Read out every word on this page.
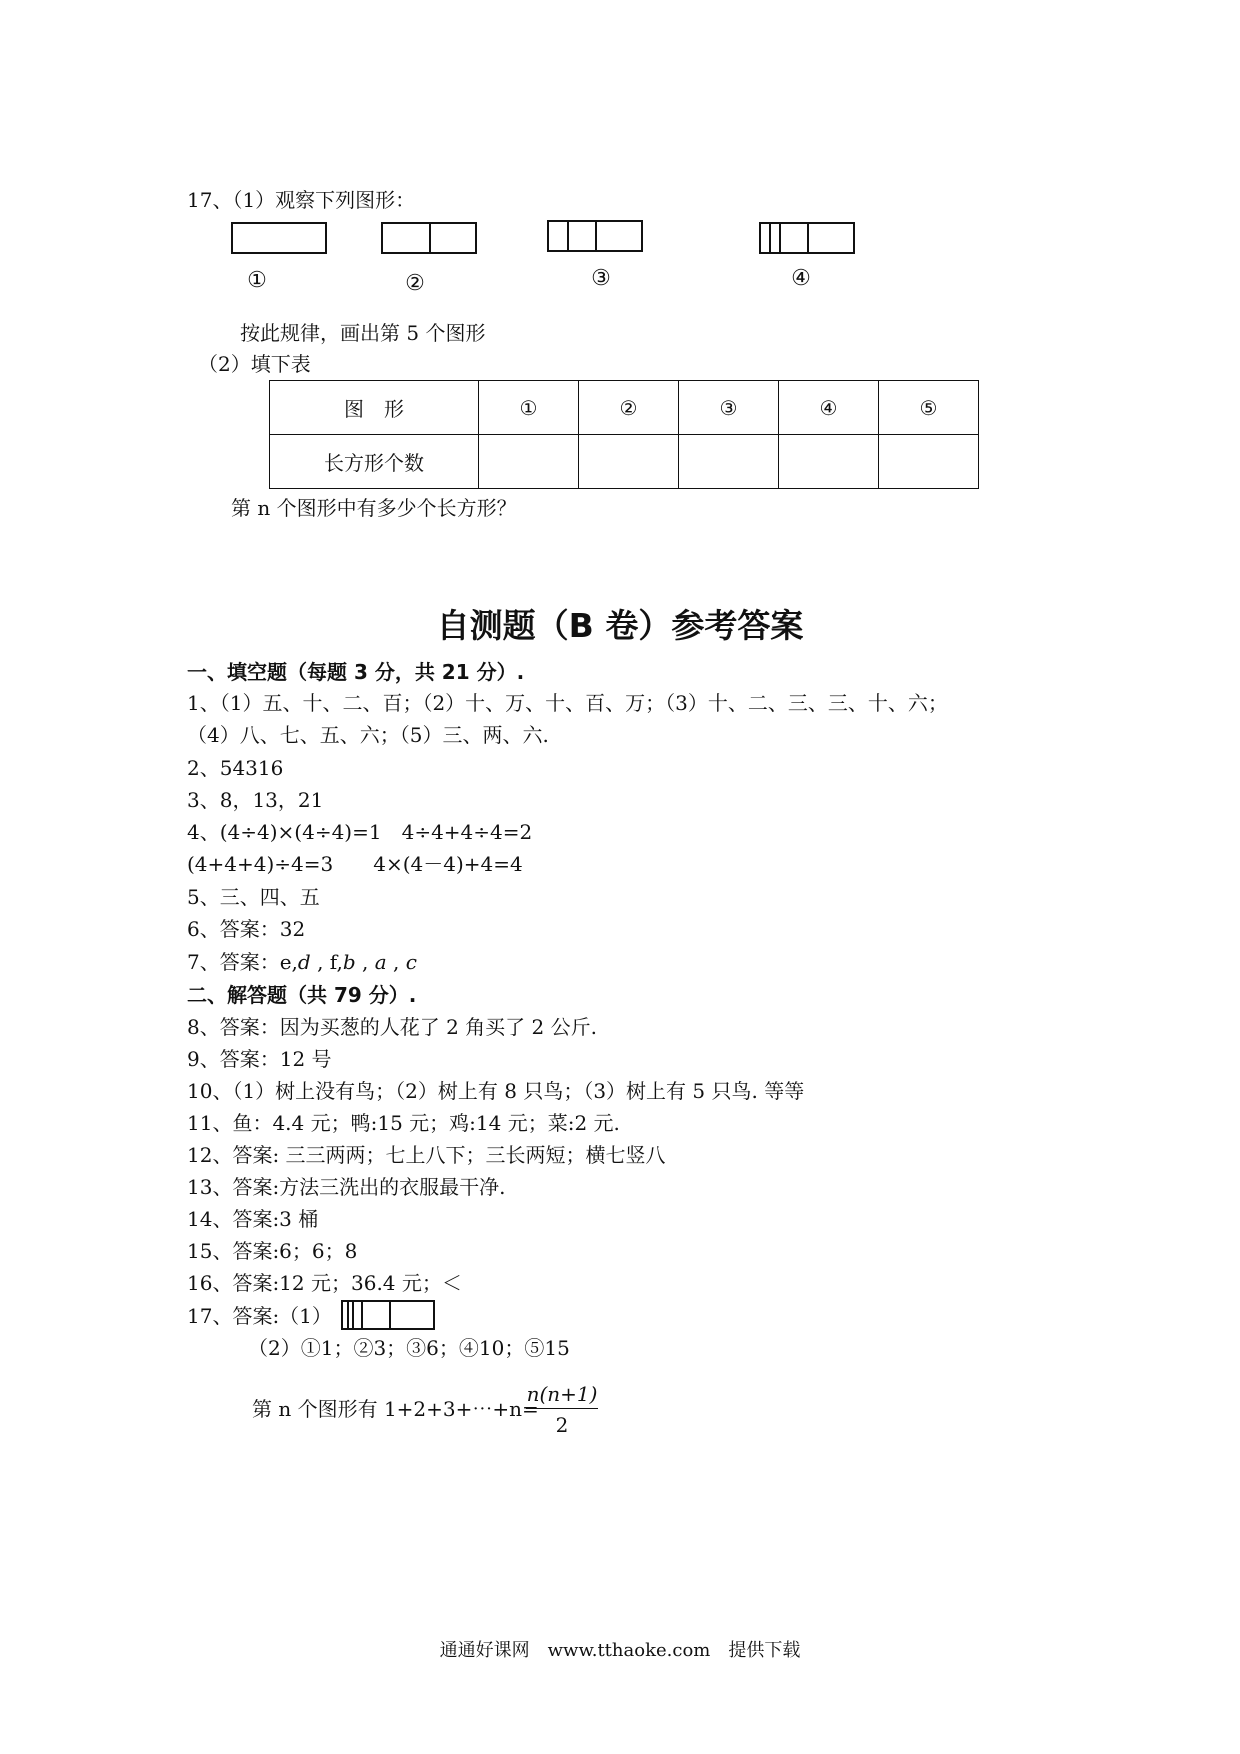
17、（1）观察下列图形：
①	②	③	④
按此规律，画出第 5 个图形
（2）填下表
图　形	①	②	③	④	⑤
长方形个数					
第 n 个图形中有多少个长方形？
自测题（B 卷）参考答案
一、填空题（每题 3 分，共 21 分）.
1、（1）五、十、二、百；（2）十、万、十、百、万；（3）十、二、三、三、十、六；
（4）八、七、五、六；（5）三、两、六.
2、54316
3、8，13，21
4、(4÷4)×(4÷4)=1　4÷4+4÷4=2
(4+4+4)÷4=3　　4×(4－4)+4=4
5、三、四、五
6、答案：32
7、答案：e,d , f,b , a , c
二、解答题（共 79 分）.
8、答案：因为买葱的人花了 2 角买了 2 公斤.
9、答案：12 号
10、（1）树上没有鸟；（2）树上有 8 只鸟；（3）树上有 5 只鸟. 等等
11、鱼：4.4 元；鸭:15 元；鸡:14 元；菜:2 元.
12、答案: 三三两两；七上八下；三长两短；横七竖八
13、答案:方法三洗出的衣服最干净.
14、答案:3 桶
15、答案:6；6；8
16、答案:12 元；36.4 元；＜
17、答案:（1）
（2）①1；②3；③6；④10；⑤15
第 n 个图形有 1+2+3+⋯+n=
$\frac{n(n+1)}{2}$
通通好课网　www.tthaoke.com　提供下载
